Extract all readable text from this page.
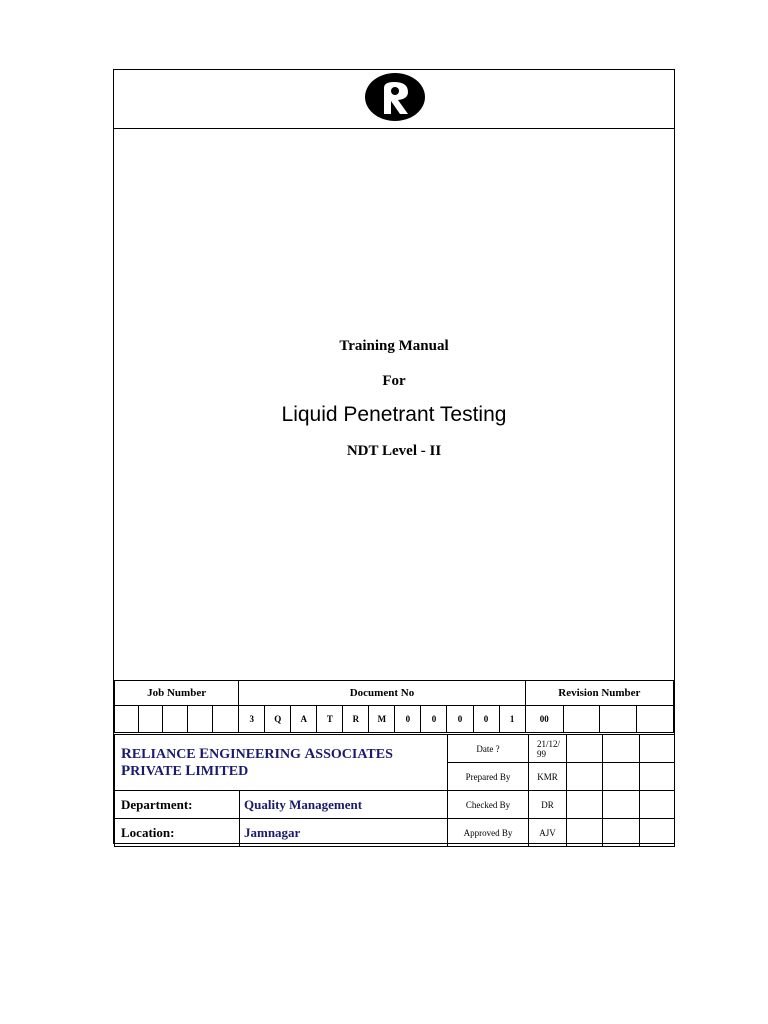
Training Manual
For
Liquid Penetrant Testing
NDT Level - II
Job Number					Document No											Revision Number			
					3	Q	A	T	R	M	0	0	0	0	1	00			
RELIANCE ENGINEERING ASSOCIATES
PRIVATE LIMITED		Date ?	21/12/ 99			
		Prepared By	KMR			
Department:	Quality Management	Checked By	DR			
Location:	Jamnagar	Approved By	AJV			
